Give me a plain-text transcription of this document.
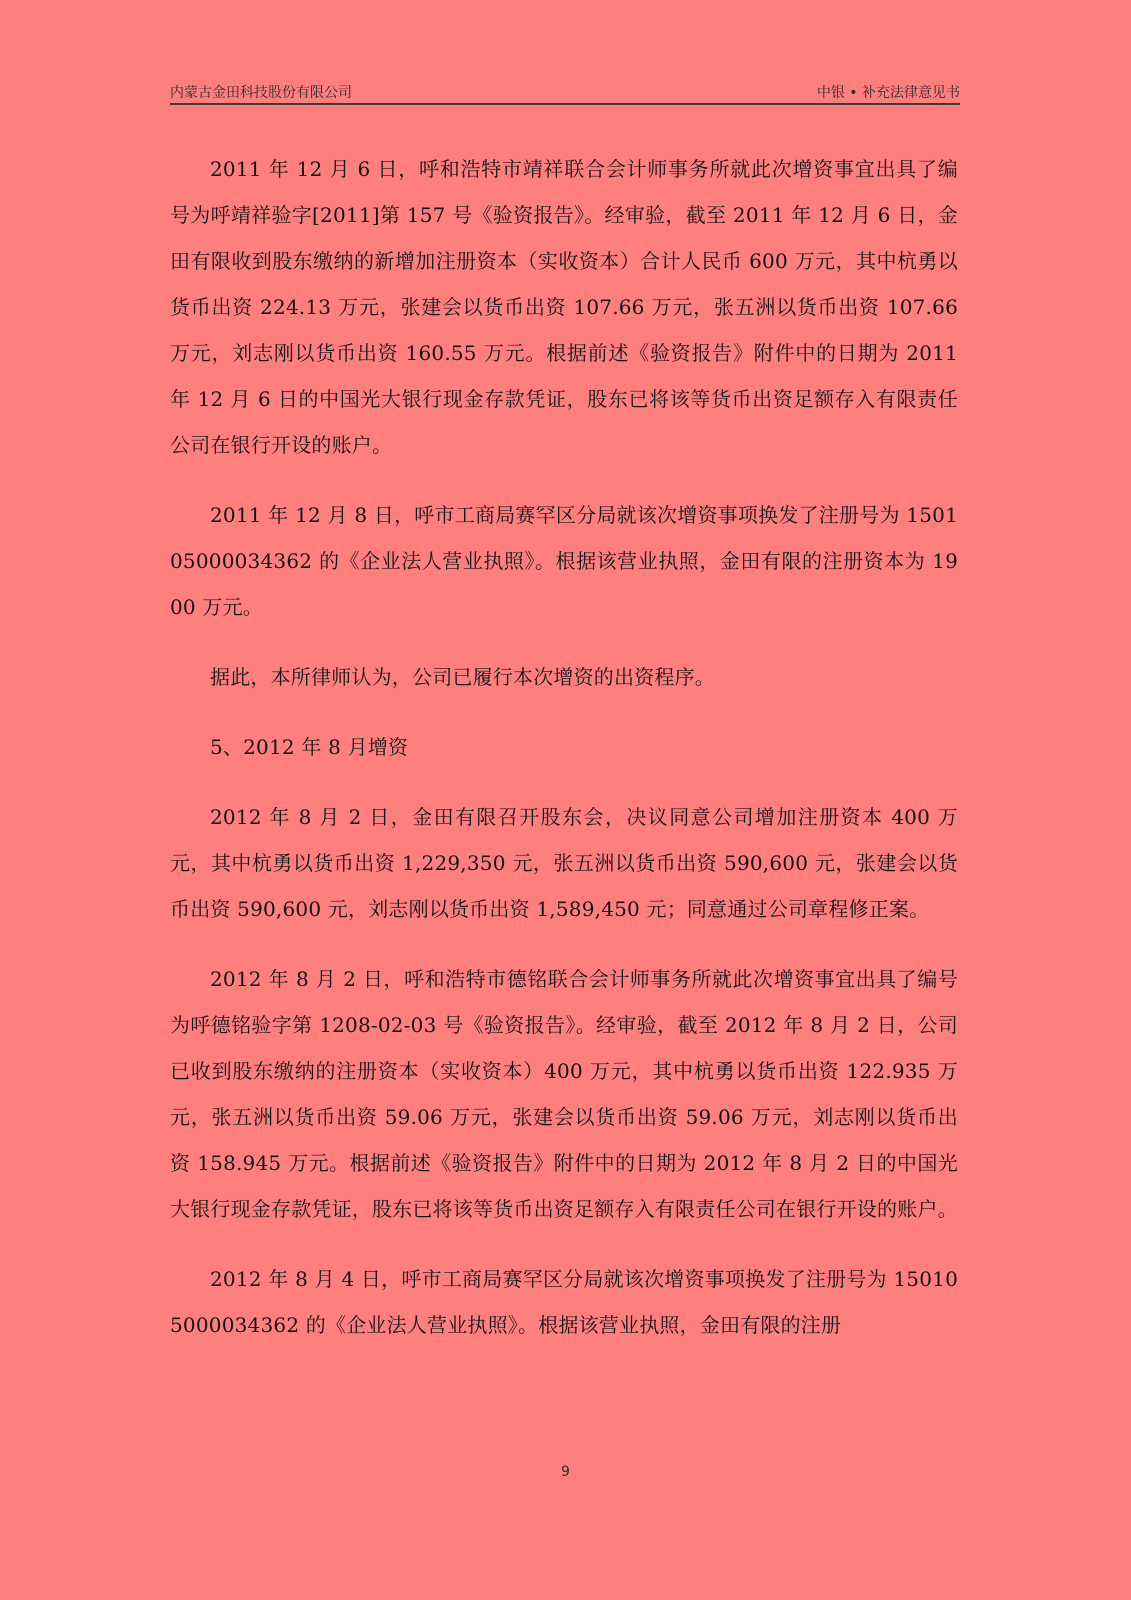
内蒙古金田科技股份有限公司	中银 • 补充法律意见书

2011 年 12 月 6 日，呼和浩特市靖祥联合会计师事务所就此次增资事宜出具了编号为呼靖祥验字[2011]第 157 号《验资报告》。经审验，截至 2011 年 12 月 6 日，金田有限收到股东缴纳的新增加注册资本（实收资本）合计人民币 600 万元，其中杭勇以货币出资 224.13 万元，张建会以货币出资 107.66 万元，张五洲以货币出资 107.66 万元，刘志刚以货币出资 160.55 万元。根据前述《验资报告》附件中的日期为 2011 年 12 月 6 日的中国光大银行现金存款凭证，股东已将该等货币出资足额存入有限责任公司在银行开设的账户。

2011 年 12 月 8 日，呼市工商局赛罕区分局就该次增资事项换发了注册号为 150105000034362 的《企业法人营业执照》。根据该营业执照，金田有限的注册资本为 1900 万元。

据此，本所律师认为，公司已履行本次增资的出资程序。

5、2012 年 8 月增资

2012 年 8 月 2 日，金田有限召开股东会，决议同意公司增加注册资本 400 万元，其中杭勇以货币出资 1,229,350 元，张五洲以货币出资 590,600 元，张建会以货币出资 590,600 元，刘志刚以货币出资 1,589,450 元；同意通过公司章程修正案。

2012 年 8 月 2 日，呼和浩特市德铭联合会计师事务所就此次增资事宜出具了编号为呼德铭验字第 1208-02-03 号《验资报告》。经审验，截至 2012 年 8 月 2 日，公司已收到股东缴纳的注册资本（实收资本）400 万元，其中杭勇以货币出资 122.935 万元，张五洲以货币出资 59.06 万元，张建会以货币出资 59.06 万元，刘志刚以货币出资 158.945 万元。根据前述《验资报告》附件中的日期为 2012 年 8 月 2 日的中国光大银行现金存款凭证，股东已将该等货币出资足额存入有限责任公司在银行开设的账户。

2012 年 8 月 4 日，呼市工商局赛罕区分局就该次增资事项换发了注册号为 150105000034362 的《企业法人营业执照》。根据该营业执照，金田有限的注册

9
